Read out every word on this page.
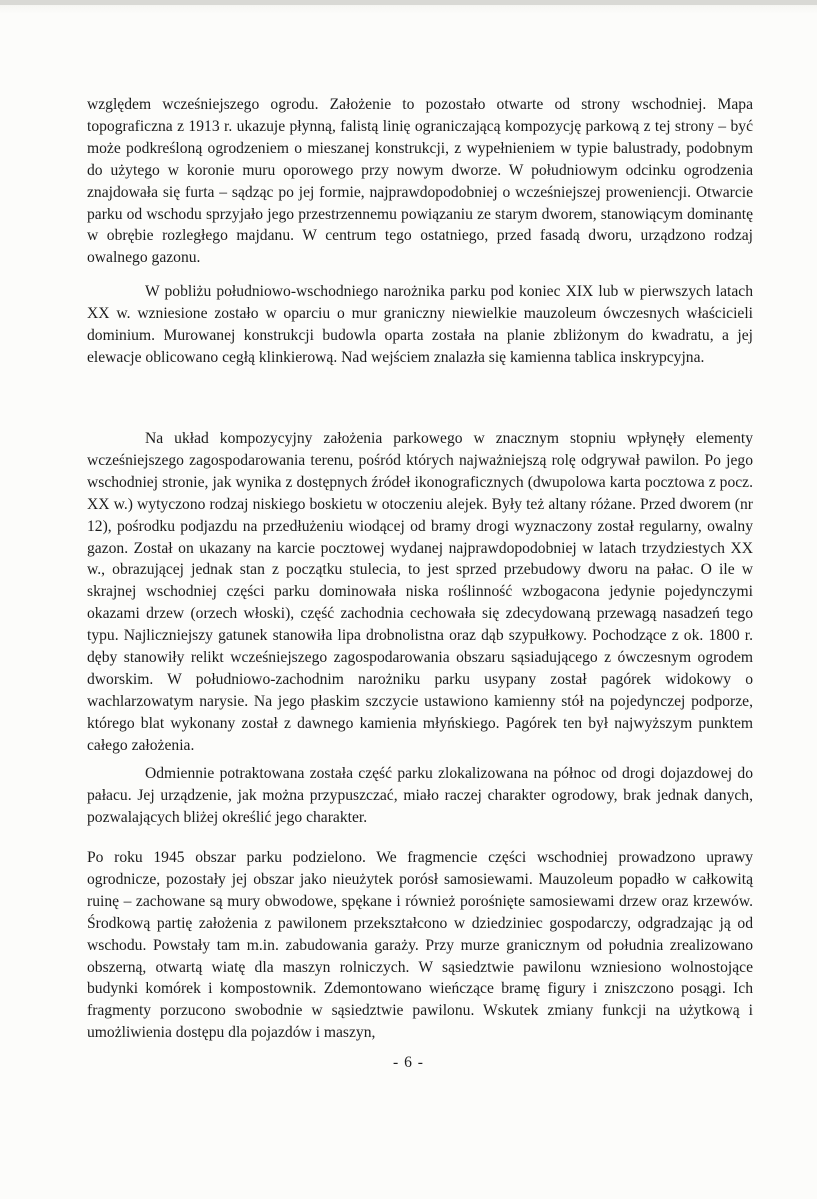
względem wcześniejszego ogrodu. Założenie to pozostało otwarte od strony wschodniej. Mapa topograficzna z 1913 r. ukazuje płynną, falistą linię ograniczającą kompozycję parkową z tej strony – być może podkreśloną ogrodzeniem o mieszanej konstrukcji, z wypełnieniem w typie balustrady, podobnym do użytego w koronie muru oporowego przy nowym dworze. W południowym odcinku ogrodzenia znajdowała się furta – sądząc po jej formie, najprawdopodobniej o wcześniejszej proweniencji. Otwarcie parku od wschodu sprzyjało jego przestrzennemu powiązaniu ze starym dworem, stanowiącym dominantę w obrębie rozległego majdanu. W centrum tego ostatniego, przed fasadą dworu, urządzono rodzaj owalnego gazonu.

W pobliżu południowo-wschodniego narożnika parku pod koniec XIX lub w pierwszych latach XX w. wzniesione zostało w oparciu o mur graniczny niewielkie mauzoleum ówczesnych właścicieli dominium. Murowanej konstrukcji budowla oparta została na planie zbliżonym do kwadratu, a jej elewacje oblicowano cegłą klinkierową. Nad wejściem znalazła się kamienna tablica inskrypcyjna.

Na układ kompozycyjny założenia parkowego w znacznym stopniu wpłynęły elementy wcześniejszego zagospodarowania terenu, pośród których najważniejszą rolę odgrywał pawilon. Po jego wschodniej stronie, jak wynika z dostępnych źródeł ikonograficznych (dwupolowa karta pocztowa z pocz. XX w.) wytyczono rodzaj niskiego boskietu w otoczeniu alejek. Były też altany różane. Przed dworem (nr 12), pośrodku podjazdu na przedłużeniu wiodącej od bramy drogi wyznaczony został regularny, owalny gazon. Został on ukazany na karcie pocztowej wydanej najprawdopodobniej w latach trzydziestych XX w., obrazującej jednak stan z początku stulecia, to jest sprzed przebudowy dworu na pałac. O ile w skrajnej wschodniej części parku dominowała niska roślinność wzbogacona jedynie pojedynczymi okazami drzew (orzech włoski), część zachodnia cechowała się zdecydowaną przewagą nasadzeń tego typu. Najliczniejszy gatunek stanowiła lipa drobnolistna oraz dąb szypułkowy. Pochodzące z ok. 1800 r. dęby stanowiły relikt wcześniejszego zagospodarowania obszaru sąsiadującego z ówczesnym ogrodem dworskim. W południowo-zachodnim narożniku parku usypany został pagórek widokowy o wachlarzowatym narysie. Na jego płaskim szczycie ustawiono kamienny stół na pojedynczej podporze, którego blat wykonany został z dawnego kamienia młyńskiego. Pagórek ten był najwyższym punktem całego założenia.

Odmiennie potraktowana została część parku zlokalizowana na północ od drogi dojazdowej do pałacu. Jej urządzenie, jak można przypuszczać, miało raczej charakter ogrodowy, brak jednak danych, pozwalających bliżej określić jego charakter.

Po roku 1945 obszar parku podzielono. We fragmencie części wschodniej prowadzono uprawy ogrodnicze, pozostały jej obszar jako nieużytek porósł samosiewami. Mauzoleum popadło w całkowitą ruinę – zachowane są mury obwodowe, spękane i również porośnięte samosiewami drzew oraz krzewów. Środkową partię założenia z pawilonem przekształcono w dziedziniec gospodarczy, odgradzając ją od wschodu. Powstały tam m.in. zabudowania garaży. Przy murze granicznym od południa zrealizowano obszerną, otwartą wiatę dla maszyn rolniczych. W sąsiedztwie pawilonu wzniesiono wolnostojące budynki komórek i kompostownik. Zdemontowano wieńczące bramę figury i zniszczono posągi. Ich fragmenty porzucono swobodnie w sąsiedztwie pawilonu. Wskutek zmiany funkcji na użytkową i umożliwienia dostępu dla pojazdów i maszyn,

- 6 -
